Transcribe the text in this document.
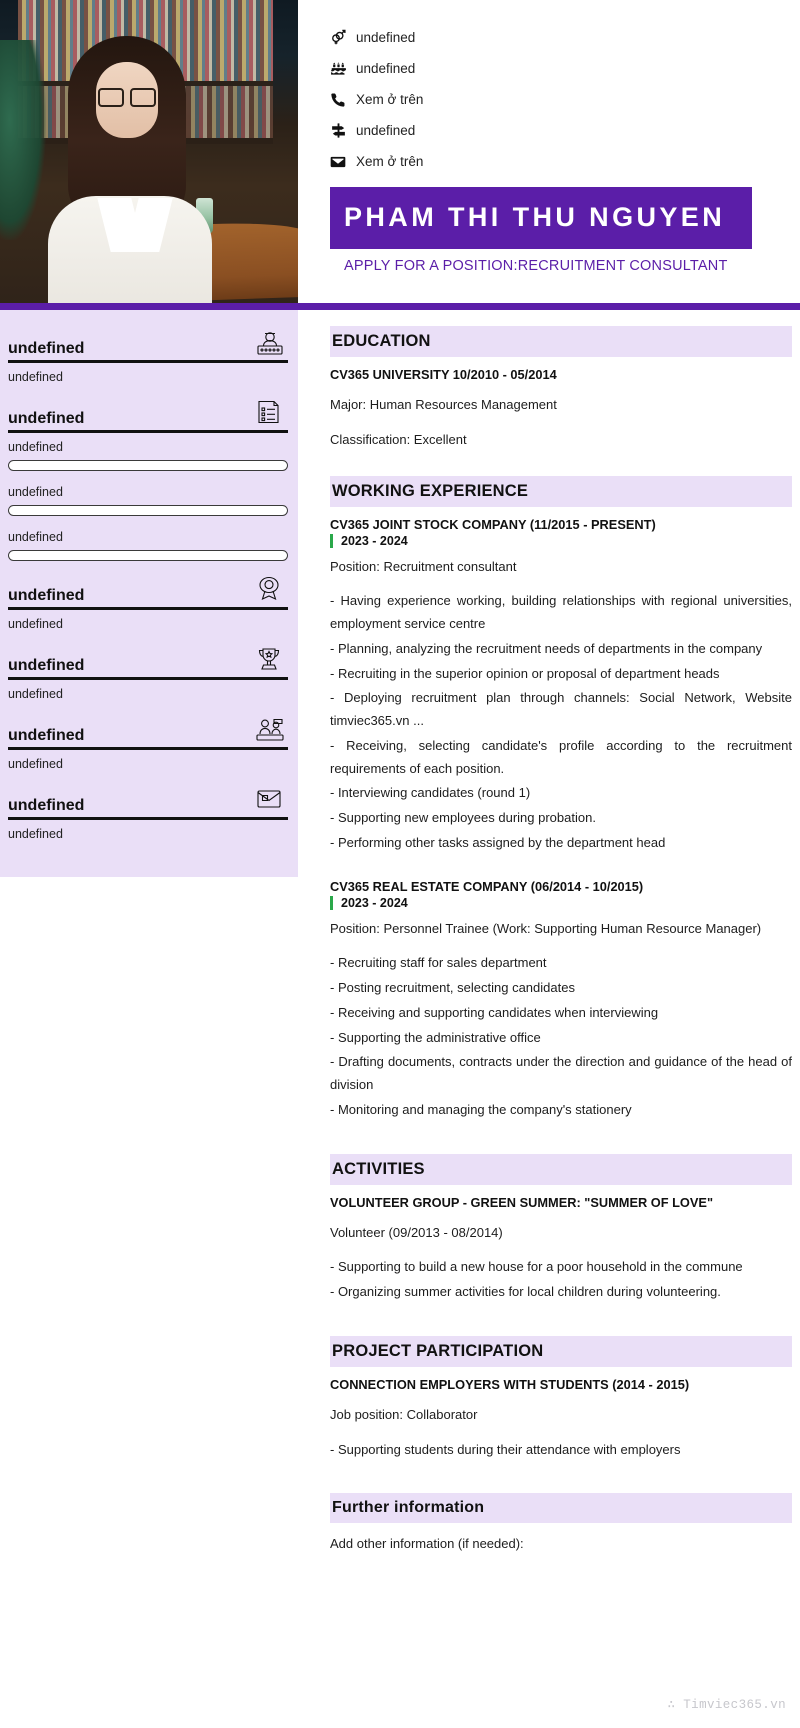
undefined
undefined
Xem ở trên
undefined
Xem ở trên
PHAM THI THU NGUYEN
APPLY FOR A POSITION:RECRUITMENT CONSULTANT
undefined
undefined
undefined
undefined
undefined
undefined
undefined
undefined
undefined
undefined
undefined
undefined
undefined
undefined
EDUCATION
CV365 UNIVERSITY 10/2010 - 05/2014
Major: Human Resources Management
Classification: Excellent
WORKING EXPERIENCE
CV365 JOINT STOCK COMPANY (11/2015 - PRESENT)
2023 - 2024
Position: Recruitment consultant
- Having experience working, building relationships with regional universities, employment service centre
- Planning, analyzing the recruitment needs of departments in the company
- Recruiting in the superior opinion or proposal of department heads
- Deploying recruitment plan through channels: Social Network, Website timviec365.vn ...
- Receiving, selecting candidate's profile according to the recruitment requirements of each position.
- Interviewing candidates (round 1)
- Supporting new employees during probation.
- Performing other tasks assigned by the department head
CV365 REAL ESTATE COMPANY (06/2014 - 10/2015)
2023 - 2024
Position: Personnel Trainee (Work: Supporting Human Resource Manager)
- Recruiting staff for sales department
- Posting recruitment, selecting candidates
- Receiving and supporting candidates when interviewing
- Supporting the administrative office
- Drafting documents, contracts under the direction and guidance of the head of division
- Monitoring and managing the company's stationery
ACTIVITIES
VOLUNTEER GROUP - GREEN SUMMER: "SUMMER OF LOVE"
Volunteer (09/2013 - 08/2014)
- Supporting to build a new house for a poor household in the commune
- Organizing summer activities for local children during volunteering.
PROJECT PARTICIPATION
CONNECTION EMPLOYERS WITH STUDENTS (2014 - 2015)
Job position: Collaborator
- Supporting students during their attendance with employers
Further information
Add other information (if needed):
∴ Timviec365.vn
